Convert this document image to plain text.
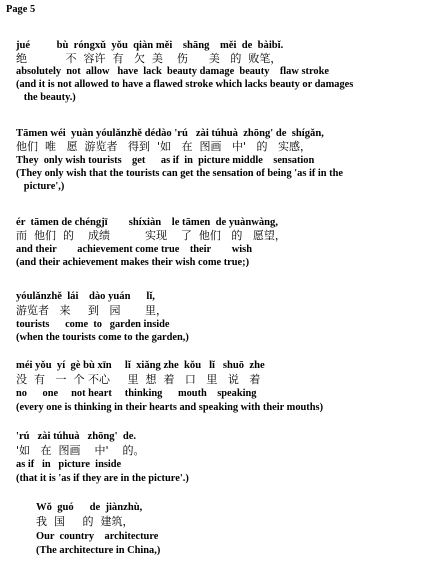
Page 5
jué          bù  róngxǔ  yǒu  qiàn měi    shāng    měi  de  bàibǐ.
绝           不  容许  有   欠  美    伤      美   的  败笔，
absolutely  not  allow   have  lack  beauty damage  beauty    flaw stroke
(and it is not allowed to have a flawed stroke which lacks beauty or damages
the beauty.)
Tāmen wéi  yuàn yóulǎnzhě dédào 'rú   zài túhuà  zhōng' de  shígǎn,
他们  唯   愿  游览者   得到  '如   在  图画   中'   的   实感，
They  only wish tourists    get      as if  in  picture middle    sensation
(They only wish that the tourists can get the sensation of being 'as if in the
picture',)
ér  tāmen de chéngjī        shíxiàn    le tāmen  de yuànwàng,
而  他们  的    成绩          实现    了  他们   的   愿望，
and their        achievement come true    their        wish
(and their achievement makes their wish come true;)
yóulǎnzhě  lái    dào yuán      lǐ,
游览者   来     到   园       里，
tourists      come  to   garden inside
(when the tourists come to the garden,)
méi yǒu  yí  gè bù xīn     lǐ  xiǎng zhe  kǒu   lǐ   shuō  zhe
没  有   一  个 不心     里  想  着   口   里   说   着
no      one     not heart     thinking      mouth    speaking
(every one is thinking in their hearts and speaking with their mouths)
'rú   zài túhuà   zhōng'  de.
'如   在  图画    中'    的。
as if   in   picture  inside
(that it is 'as if they are in the picture'.)
Wǒ  guó      de  jiànzhù,
我  国     的  建筑，
Our  country    architecture
(The architecture in China,)
